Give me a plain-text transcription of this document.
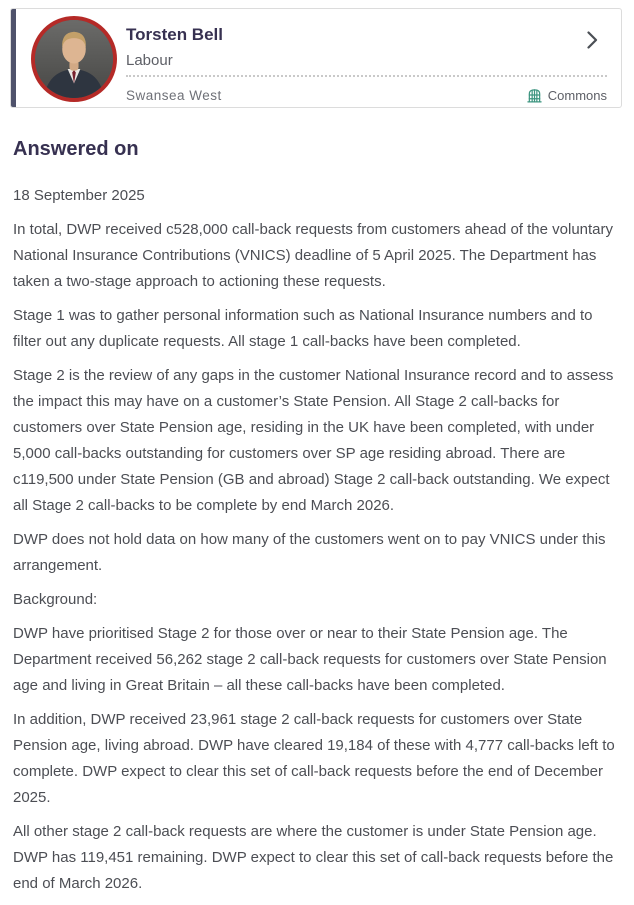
Torsten Bell
Labour
Swansea West	Commons
Answered on

18 September 2025

In total, DWP received c528,000 call-back requests from customers ahead of the voluntary National Insurance Contributions (VNICS) deadline of 5 April 2025. The Department has taken a two-stage approach to actioning these requests.

Stage 1 was to gather personal information such as National Insurance numbers and to filter out any duplicate requests. All stage 1 call-backs have been completed.

Stage 2 is the review of any gaps in the customer National Insurance record and to assess the impact this may have on a customer’s State Pension. All Stage 2 call-backs for customers over State Pension age, residing in the UK have been completed, with under 5,000 call-backs outstanding for customers over SP age residing abroad. There are c119,500 under State Pension (GB and abroad) Stage 2 call-back outstanding. We expect all Stage 2 call-backs to be complete by end March 2026.

DWP does not hold data on how many of the customers went on to pay VNICS under this arrangement.

Background:

DWP have prioritised Stage 2 for those over or near to their State Pension age. The Department received 56,262 stage 2 call-back requests for customers over State Pension age and living in Great Britain – all these call-backs have been completed.

In addition, DWP received 23,961 stage 2 call-back requests for customers over State Pension age, living abroad. DWP have cleared 19,184 of these with 4,777 call-backs left to complete. DWP expect to clear this set of call-back requests before the end of December 2025.

All other stage 2 call-back requests are where the customer is under State Pension age. DWP has 119,451 remaining. DWP expect to clear this set of call-back requests before the end of March 2026.
